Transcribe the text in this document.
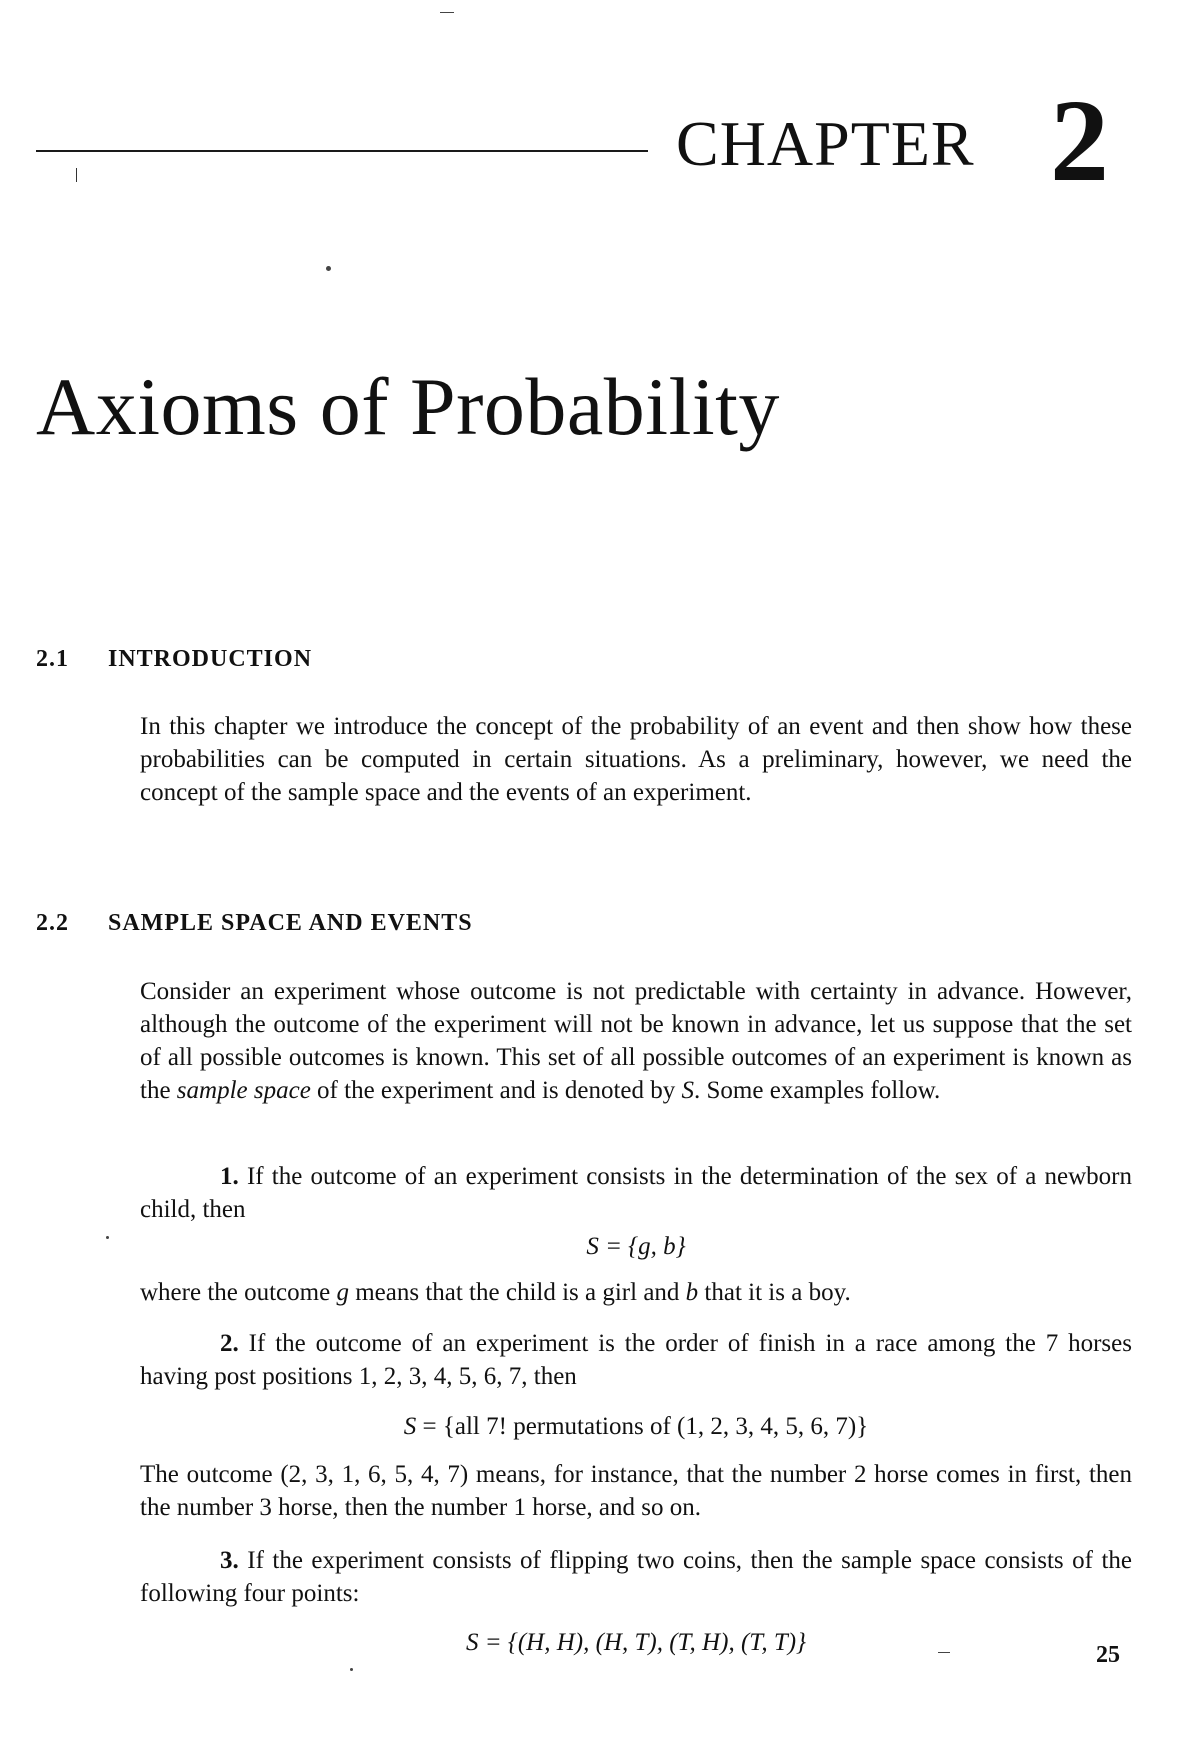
CHAPTER 2
Axioms of Probability
2.1 INTRODUCTION

In this chapter we introduce the concept of the probability of an event and then show how these probabilities can be computed in certain situations. As a preliminary, however, we need the concept of the sample space and the events of an experiment.

2.2 SAMPLE SPACE AND EVENTS

Consider an experiment whose outcome is not predictable with certainty in advance. However, although the outcome of the experiment will not be known in advance, let us suppose that the set of all possible outcomes is known. This set of all possible outcomes of an experiment is known as the sample space of the experiment and is denoted by S. Some examples follow.

1. If the outcome of an experiment consists in the determination of the sex of a newborn child, then

S = {g, b}

where the outcome g means that the child is a girl and b that it is a boy.

2. If the outcome of an experiment is the order of finish in a race among the 7 horses having post positions 1, 2, 3, 4, 5, 6, 7, then

S = {all 7! permutations of (1, 2, 3, 4, 5, 6, 7)}

The outcome (2, 3, 1, 6, 5, 4, 7) means, for instance, that the number 2 horse comes in first, then the number 3 horse, then the number 1 horse, and so on.

3. If the experiment consists of flipping two coins, then the sample space consists of the following four points:

S = {(H, H), (H, T), (T, H), (T, T)}	25
